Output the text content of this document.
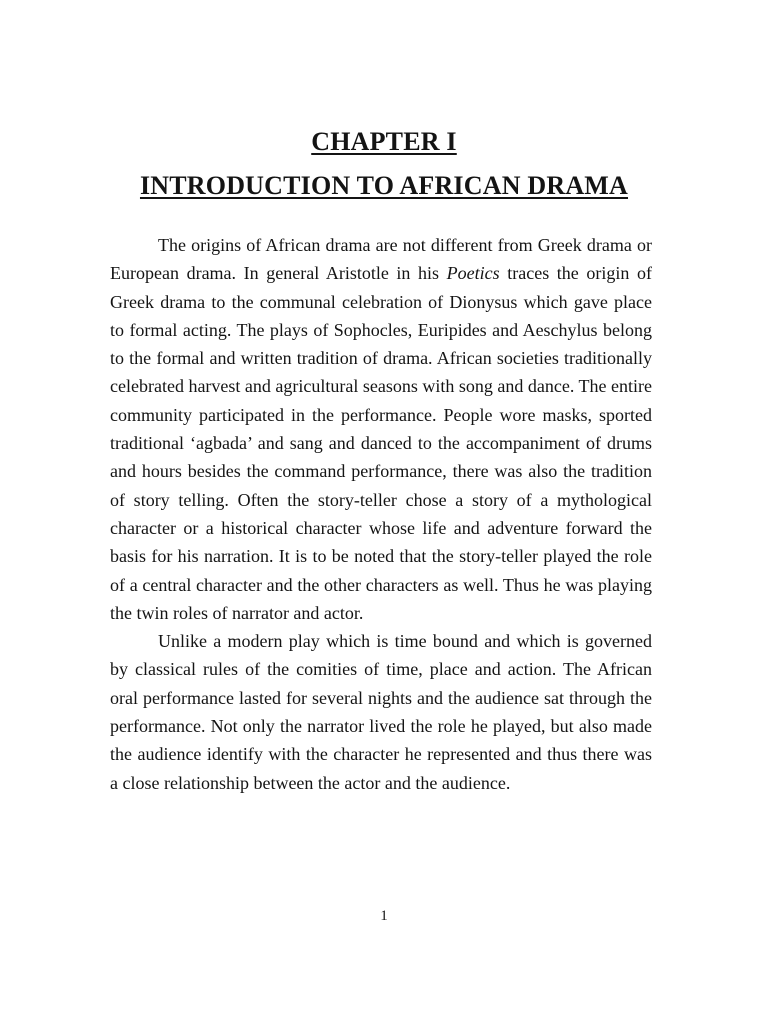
CHAPTER I
INTRODUCTION TO AFRICAN DRAMA

The origins of African drama are not different from Greek drama or European drama. In general Aristotle in his Poetics traces the origin of Greek drama to the communal celebration of Dionysus which gave place to formal acting. The plays of Sophocles, Euripides and Aeschylus belong to the formal and written tradition of drama. African societies traditionally celebrated harvest and agricultural seasons with song and dance. The entire community participated in the performance. People wore masks, sported traditional ‘agbada’ and sang and danced to the accompaniment of drums and hours besides the command performance, there was also the tradition of story telling. Often the story-teller chose a story of a mythological character or a historical character whose life and adventure forward the basis for his narration. It is to be noted that the story-teller played the role of a central character and the other characters as well. Thus he was playing the twin roles of narrator and actor.

Unlike a modern play which is time bound and which is governed by classical rules of the comities of time, place and action. The African oral performance lasted for several nights and the audience sat through the performance. Not only the narrator lived the role he played, but also made the audience identify with the character he represented and thus there was a close relationship between the actor and the audience.

1
